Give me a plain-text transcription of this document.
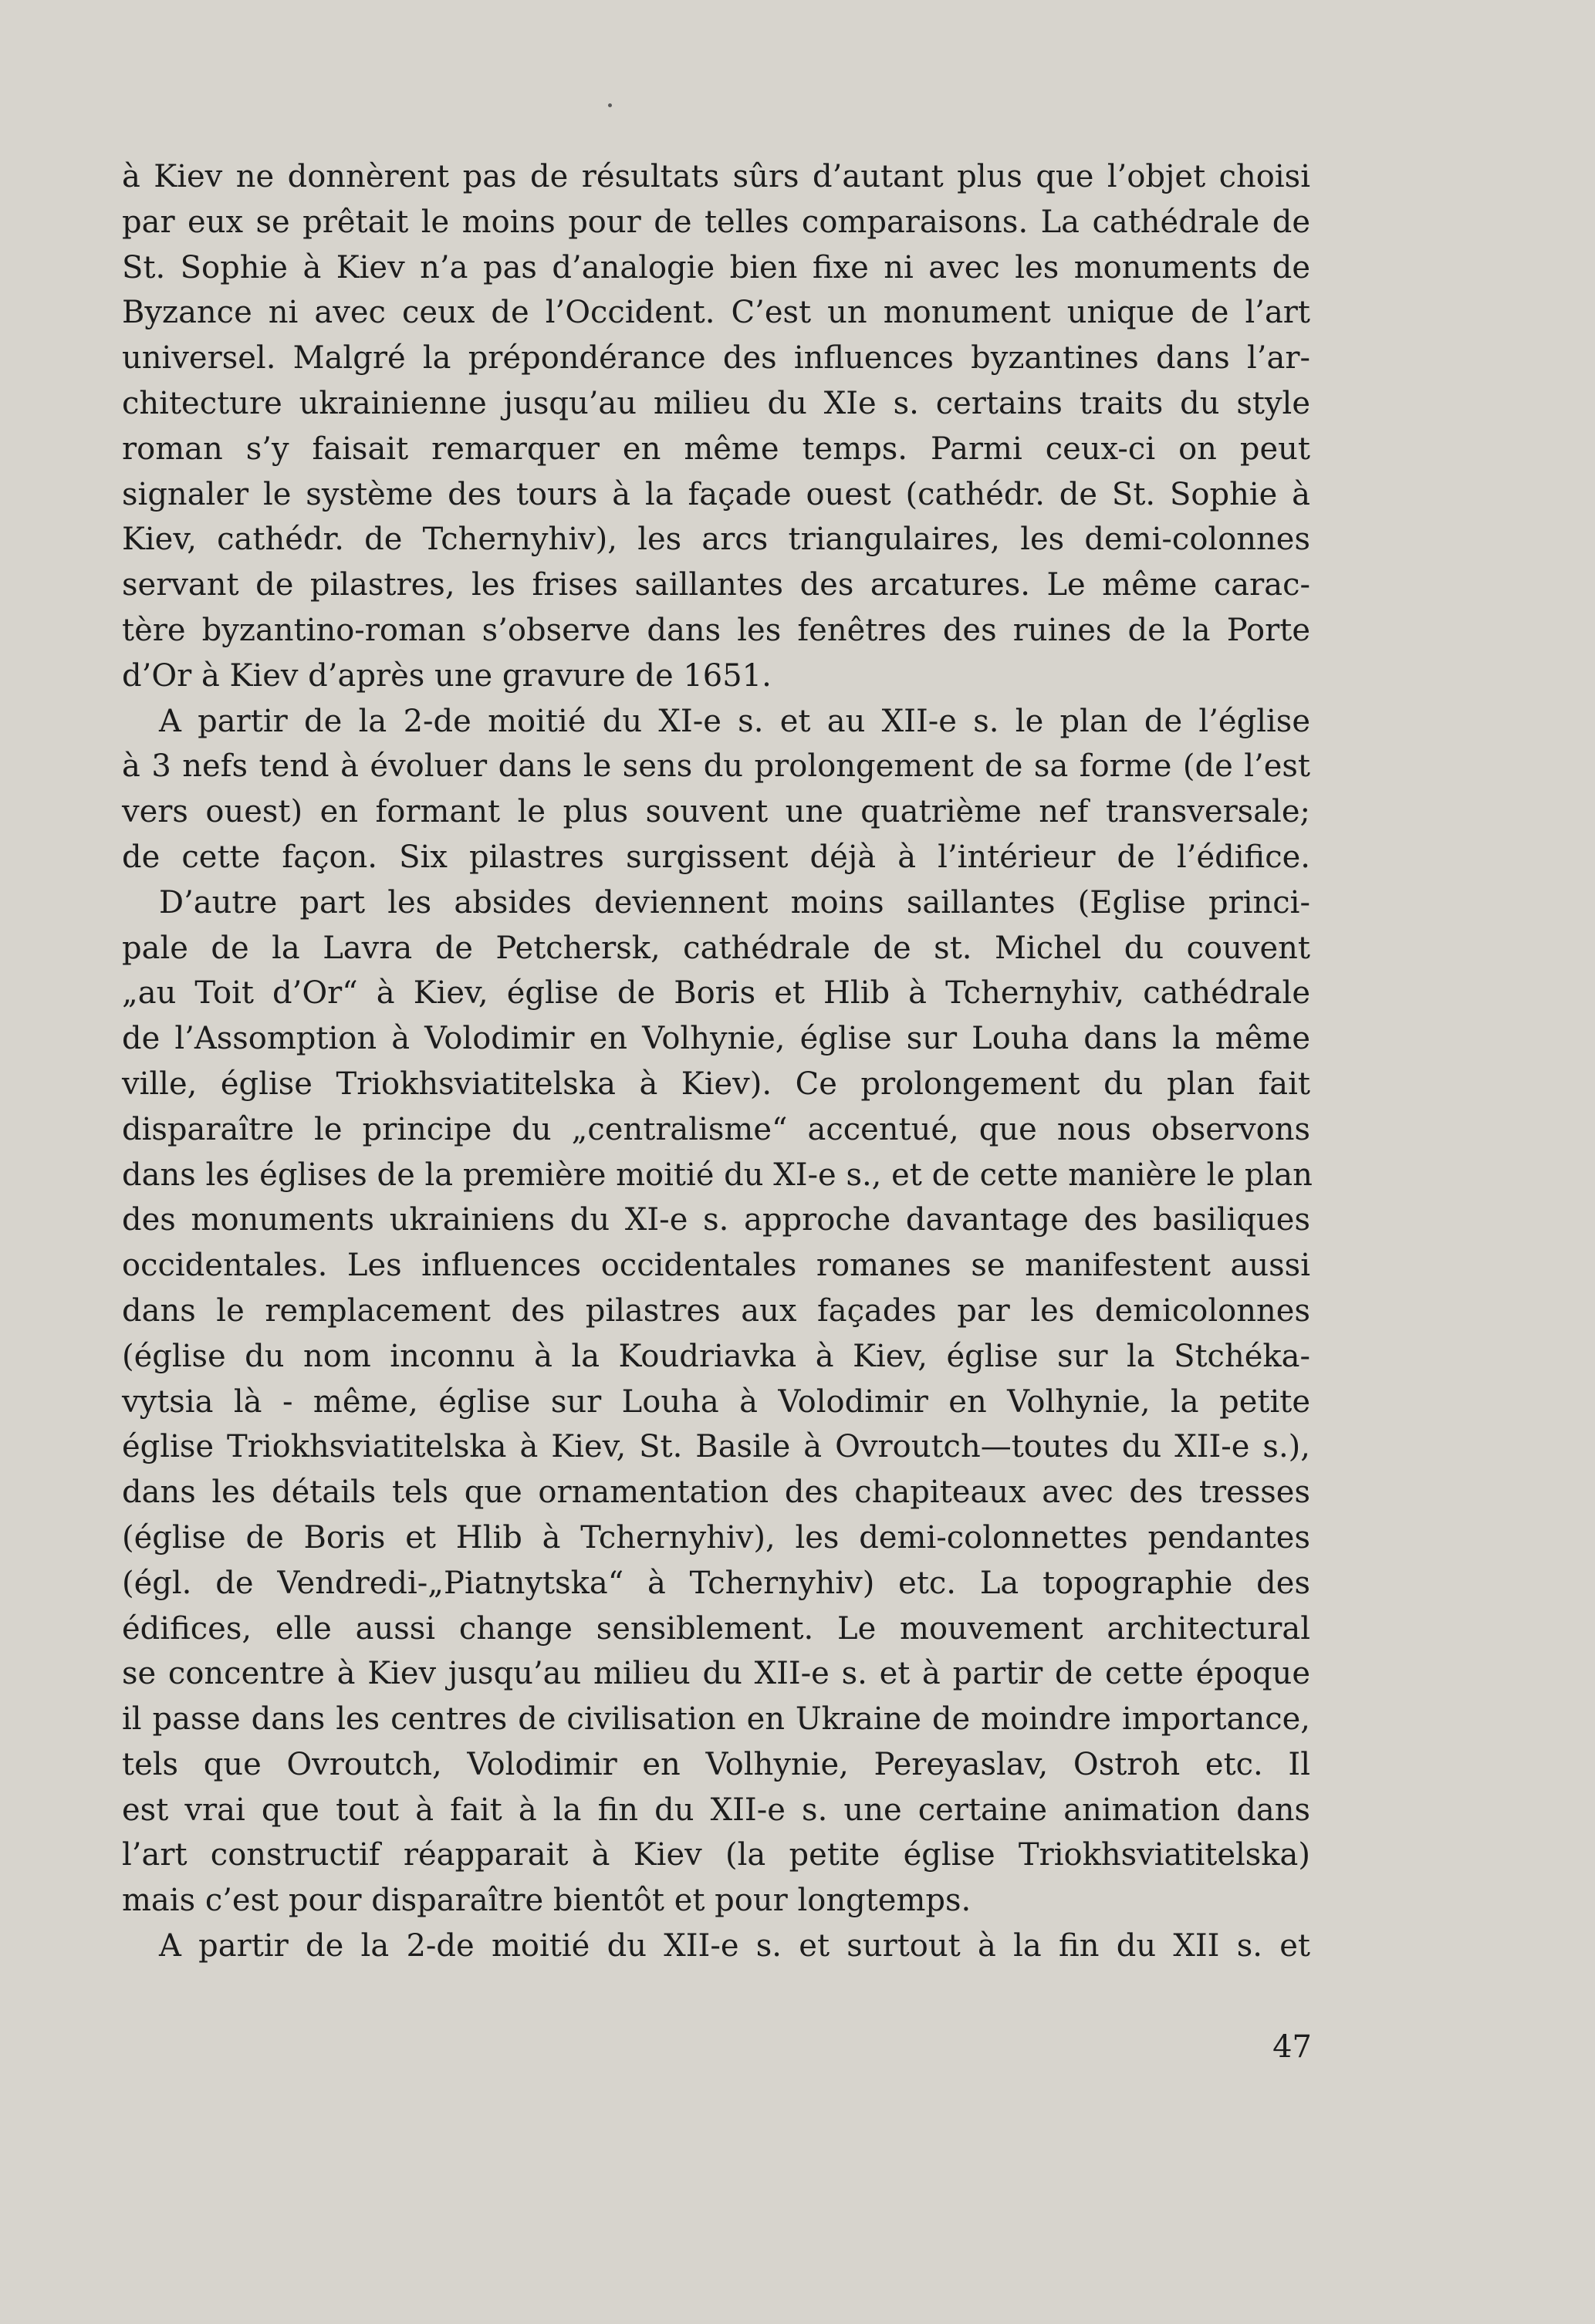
à Kiev ne donnèrent pas de résultats sûrs d’autant plus que l’objet choisi
par eux se prêtait le moins pour de telles comparaisons. La cathédrale de
St. Sophie à Kiev n’a pas d’analogie bien fixe ni avec les monuments de
Byzance ni avec ceux de l’Occident. C’est un monument unique de l’art
universel. Malgré la prépondérance des influences byzantines dans l’ar-
chitecture ukrainienne jusqu’au milieu du XIe s. certains traits du style
roman s’y faisait remarquer en même temps. Parmi ceux-ci on peut
signaler le système des tours à la façade ouest (cathédr. de St. Sophie à
Kiev, cathédr. de Tchernyhiv), les arcs triangulaires, les demi-colonnes
servant de pilastres, les frises saillantes des arcatures. Le même carac-
tère byzantino-roman s’observe dans les fenêtres des ruines de la Porte
d’Or à Kiev d’après une gravure de 1651.
A partir de la 2-de moitié du XI-e s. et au XII-e s. le plan de l’église
à 3 nefs tend à évoluer dans le sens du prolongement de sa forme (de l’est
vers ouest) en formant le plus souvent une quatrième nef transversale;
de cette façon. Six pilastres surgissent déjà à l’intérieur de l’édifice.
D’autre part les absides deviennent moins saillantes (Eglise princi-
pale de la Lavra de Petchersk, cathédrale de st. Michel du couvent
„au Toit d’Or“ à Kiev, église de Boris et Hlib à Tchernyhiv, cathédrale
de l’Assomption à Volodimir en Volhynie, église sur Louha dans la même
ville, église Triokhsviatitelska à Kiev). Ce prolongement du plan fait
disparaître le principe du „centralisme“ accentué, que nous observons
dans les églises de la première moitié du XI-e s., et de cette manière le plan
des monuments ukrainiens du XI-e s. approche davantage des basiliques
occidentales. Les influences occidentales romanes se manifestent aussi
dans le remplacement des pilastres aux façades par les demicolonnes
(église du nom inconnu à la Koudriavka à Kiev, église sur la Stchéka-
vytsia là - même, église sur Louha à Volodimir en Volhynie, la petite
église Triokhsviatitelska à Kiev, St. Basile à Ovroutch—toutes du XII-e s.),
dans les détails tels que ornamentation des chapiteaux avec des tresses
(église de Boris et Hlib à Tchernyhiv), les demi-colonnettes pendantes
(égl. de Vendredi-„Piatnytska“ à Tchernyhiv) etc. La topographie des
édifices, elle aussi change sensiblement. Le mouvement architectural
se concentre à Kiev jusqu’au milieu du XII-e s. et à partir de cette époque
il passe dans les centres de civilisation en Ukraine de moindre importance,
tels que Ovroutch, Volodimir en Volhynie, Pereyaslav, Ostroh etc. Il
est vrai que tout à fait à la fin du XII-e s. une certaine animation dans
l’art constructif réapparait à Kiev (la petite église Triokhsviatitelska)
mais c’est pour disparaître bientôt et pour longtemps.
A partir de la 2-de moitié du XII-e s. et surtout à la fin du XII s. et
47
